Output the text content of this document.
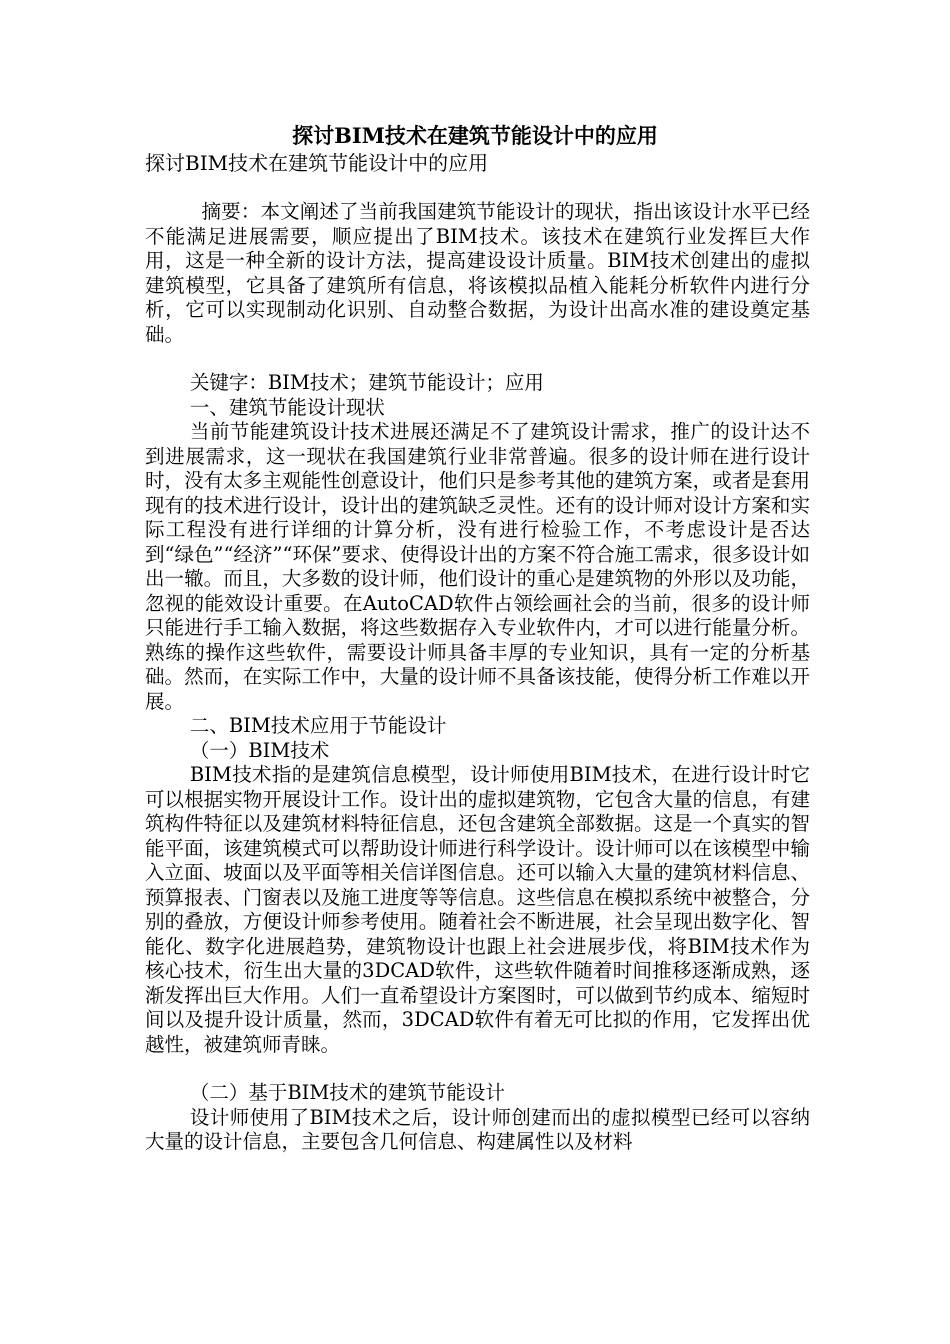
探讨BIM技术在建筑节能设计中的应用
探讨BIM技术在建筑节能设计中的应用

摘要：本文阐述了当前我国建筑节能设计的现状，指出该设计水平已经不能满足进展需要，顺应提出了BIM技术。该技术在建筑行业发挥巨大作用，这是一种全新的设计方法，提高建设设计质量。BIM技术创建出的虚拟建筑模型，它具备了建筑所有信息，将该模拟品植入能耗分析软件内进行分析，它可以实现制动化识别、自动整合数据，为设计出高水准的建设奠定基础。

关键字：BIM技术；建筑节能设计；应用

一、建筑节能设计现状

当前节能建筑设计技术进展还满足不了建筑设计需求，推广的设计达不到进展需求，这一现状在我国建筑行业非常普遍。很多的设计师在进行设计时，没有太多主观能性创意设计，他们只是参考其他的建筑方案，或者是套用现有的技术进行设计，设计出的建筑缺乏灵性。还有的设计师对设计方案和实际工程没有进行详细的计算分析，没有进行检验工作，不考虑设计是否达到“绿色”“经济”“环保”要求、使得设计出的方案不符合施工需求，很多设计如出一辙。而且，大多数的设计师，他们设计的重心是建筑物的外形以及功能，忽视的能效设计重要。在AutoCAD软件占领绘画社会的当前，很多的设计师只能进行手工输入数据，将这些数据存入专业软件内，才可以进行能量分析。熟练的操作这些软件，需要设计师具备丰厚的专业知识，具有一定的分析基础。然而，在实际工作中，大量的设计师不具备该技能，使得分析工作难以开展。

二、BIM技术应用于节能设计

（一）BIM技术

BIM技术指的是建筑信息模型，设计师使用BIM技术，在进行设计时它可以根据实物开展设计工作。设计出的虚拟建筑物，它包含大量的信息，有建筑构件特征以及建筑材料特征信息，还包含建筑全部数据。这是一个真实的智能平面，该建筑模式可以帮助设计师进行科学设计。设计师可以在该模型中输入立面、坡面以及平面等相关信详图信息。还可以输入大量的建筑材料信息、预算报表、门窗表以及施工进度等等信息。这些信息在模拟系统中被整合，分别的叠放，方便设计师参考使用。随着社会不断进展，社会呈现出数字化、智能化、数字化进展趋势，建筑物设计也跟上社会进展步伐，将BIM技术作为核心技术，衍生出大量的3DCAD软件，这些软件随着时间推移逐渐成熟，逐渐发挥出巨大作用。人们一直希望设计方案图时，可以做到节约成本、缩短时间以及提升设计质量，然而，3DCAD软件有着无可比拟的作用，它发挥出优越性，被建筑师青睐。

（二）基于BIM技术的建筑节能设计

设计师使用了BIM技术之后，设计师创建而出的虚拟模型已经可以容纳大量的设计信息，主要包含几何信息、构建属性以及材料
